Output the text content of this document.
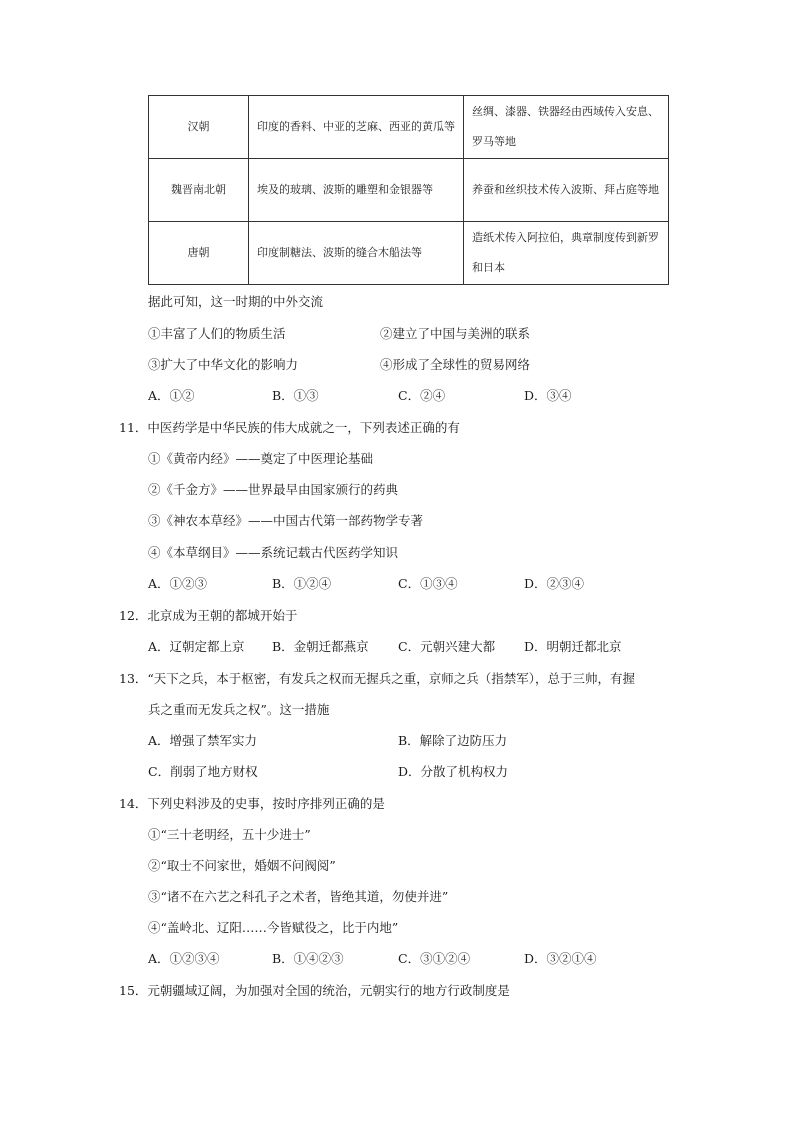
汉朝	印度的香料、中亚的芝麻、西亚的黄瓜等	丝绸、漆器、铁器经由西域传入安息、罗马等地

魏晋南北朝	埃及的玻璃、波斯的雕塑和金银器等	养蚕和丝织技术传入波斯、拜占庭等地

唐朝	印度制糖法、波斯的缝合木船法等	造纸术传入阿拉伯，典章制度传到新罗和日本
据此可知，这一时期的中外交流
①丰富了人们的物质生活	②建立了中国与美洲的联系
③扩大了中华文化的影响力	④形成了全球性的贸易网络
A．①②	B．①③	C．②④	D．③④
11．中医药学是中华民族的伟大成就之一，下列表述正确的有
①《黄帝内经》——奠定了中医理论基础
②《千金方》——世界最早由国家颁行的药典
③《神农本草经》——中国古代第一部药物学专著
④《本草纲目》——系统记载古代医药学知识
A．①②③	B．①②④	C．①③④	D．②③④
12．北京成为王朝的都城开始于
A．辽朝定都上京 B．金朝迁都燕京 C．元朝兴建大都 D．明朝迁都北京
13．“天下之兵，本于枢密，有发兵之权而无握兵之重，京师之兵（指禁军），总于三帅，有握
兵之重而无发兵之权”。这一措施
A．增强了禁军实力	B．解除了边防压力
C．削弱了地方财权	D．分散了机构权力
14．下列史料涉及的史事，按时序排列正确的是
①“三十老明经，五十少进士”
②“取士不问家世，婚姻不问阀阅”
③“诸不在六艺之科孔子之术者，皆绝其道，勿使并进”
④“盖岭北、辽阳……今皆赋役之，比于内地”
A．①②③④	B．①④②③	C．③①②④	D．③②①④
15．元朝疆域辽阔，为加强对全国的统治，元朝实行的地方行政制度是
